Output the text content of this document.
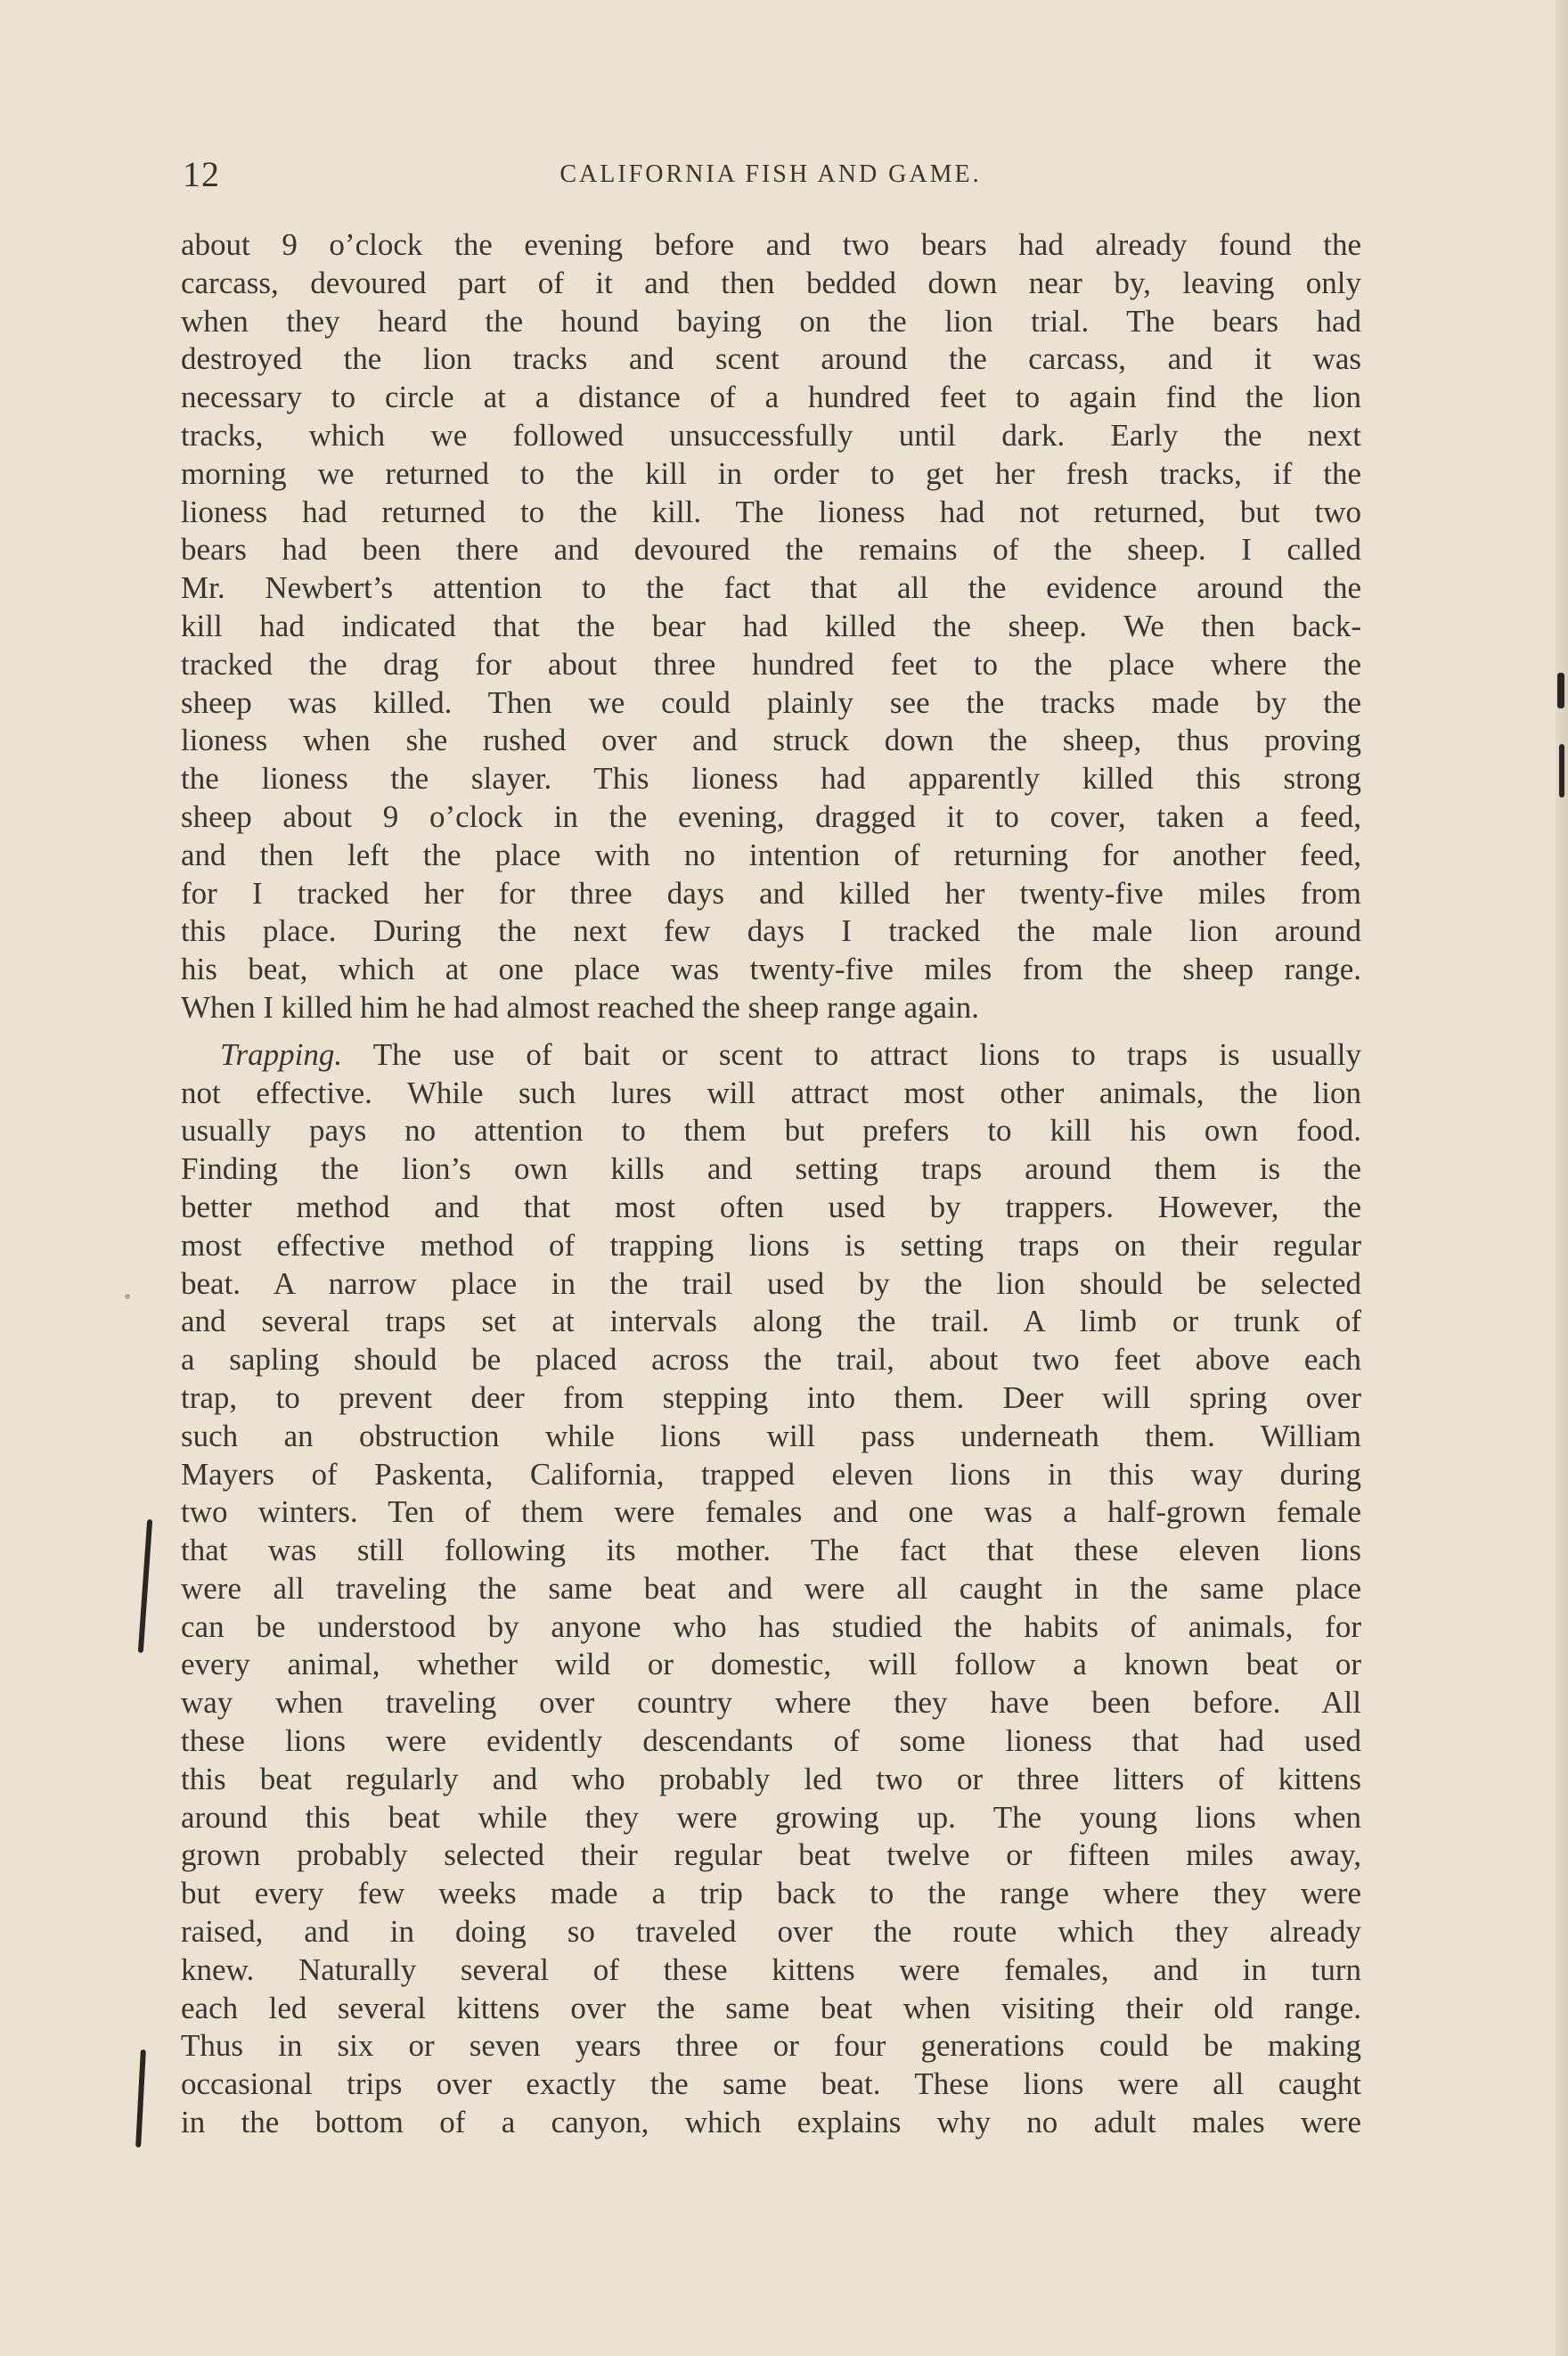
12	CALIFORNIA FISH AND GAME.
about 9 o’clock the evening before and two bears had already found the
carcass, devoured part of it and then bedded down near by, leaving only
when they heard the hound baying on the lion trial. The bears had
destroyed the lion tracks and scent around the carcass, and it was
necessary to circle at a distance of a hundred feet to again find the lion
tracks, which we followed unsuccessfully until dark. Early the next
morning we returned to the kill in order to get her fresh tracks, if the
lioness had returned to the kill. The lioness had not returned, but two
bears had been there and devoured the remains of the sheep. I called
Mr. Newbert’s attention to the fact that all the evidence around the
kill had indicated that the bear had killed the sheep. We then back-
tracked the drag for about three hundred feet to the place where the
sheep was killed. Then we could plainly see the tracks made by the
lioness when she rushed over and struck down the sheep, thus proving
the lioness the slayer. This lioness had apparently killed this strong
sheep about 9 o’clock in the evening, dragged it to cover, taken a feed,
and then left the place with no intention of returning for another feed,
for I tracked her for three days and killed her twenty-five miles from
this place. During the next few days I tracked the male lion around
his beat, which at one place was twenty-five miles from the sheep range.
When I killed him he had almost reached the sheep range again.
Trapping. The use of bait or scent to attract lions to traps is usually
not effective. While such lures will attract most other animals, the lion
usually pays no attention to them but prefers to kill his own food.
Finding the lion’s own kills and setting traps around them is the
better method and that most often used by trappers. However, the
most effective method of trapping lions is setting traps on their regular
beat. A narrow place in the trail used by the lion should be selected
and several traps set at intervals along the trail. A limb or trunk of
a sapling should be placed across the trail, about two feet above each
trap, to prevent deer from stepping into them. Deer will spring over
such an obstruction while lions will pass underneath them. William
Mayers of Paskenta, California, trapped eleven lions in this way during
two winters. Ten of them were females and one was a half-grown female
that was still following its mother. The fact that these eleven lions
were all traveling the same beat and were all caught in the same place
can be understood by anyone who has studied the habits of animals, for
every animal, whether wild or domestic, will follow a known beat or
way when traveling over country where they have been before. All
these lions were evidently descendants of some lioness that had used
this beat regularly and who probably led two or three litters of kittens
around this beat while they were growing up. The young lions when
grown probably selected their regular beat twelve or fifteen miles away,
but every few weeks made a trip back to the range where they were
raised, and in doing so traveled over the route which they already
knew. Naturally several of these kittens were females, and in turn
each led several kittens over the same beat when visiting their old range.
Thus in six or seven years three or four generations could be making
occasional trips over exactly the same beat. These lions were all caught
in the bottom of a canyon, which explains why no adult males were
